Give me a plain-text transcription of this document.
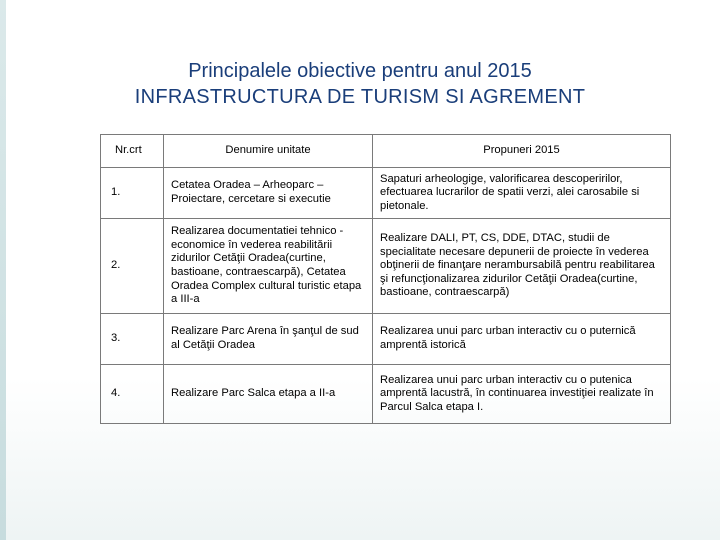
Principalele obiective pentru anul 2015
INFRASTRUCTURA DE TURISM SI AGREMENT
Nr.crt	Denumire unitate	Propuneri 2015
1.	Cetatea Oradea – Arheoparc – Proiectare, cercetare si executie	Sapaturi arheologige, valorificarea descoperirilor, efectuarea lucrarilor de spatii verzi, alei carosabile si pietonale.
2.	Realizarea documentatiei tehnico -economice în vederea reabilitării zidurilor Cetăţii Oradea(curtine, bastioane, contraescarpă), Cetatea Oradea Complex cultural turistic etapa a III-a	Realizare DALI, PT, CS, DDE, DTAC, studii de specialitate necesare depunerii de proiecte în vederea obţinerii de finanţare nerambursabilă pentru reabilitarea şi refuncţionalizarea zidurilor Cetăţii Oradea(curtine, bastioane, contraescarpă)
3.	Realizare Parc Arena în şanţul de sud al Cetăţii Oradea	Realizarea unui parc urban interactiv cu o puternică amprentă istorică
4.	Realizare Parc Salca etapa a II-a	Realizarea unui parc urban interactiv cu o putenica amprentă lacustră, în continuarea investiţiei realizate în Parcul Salca etapa I.
